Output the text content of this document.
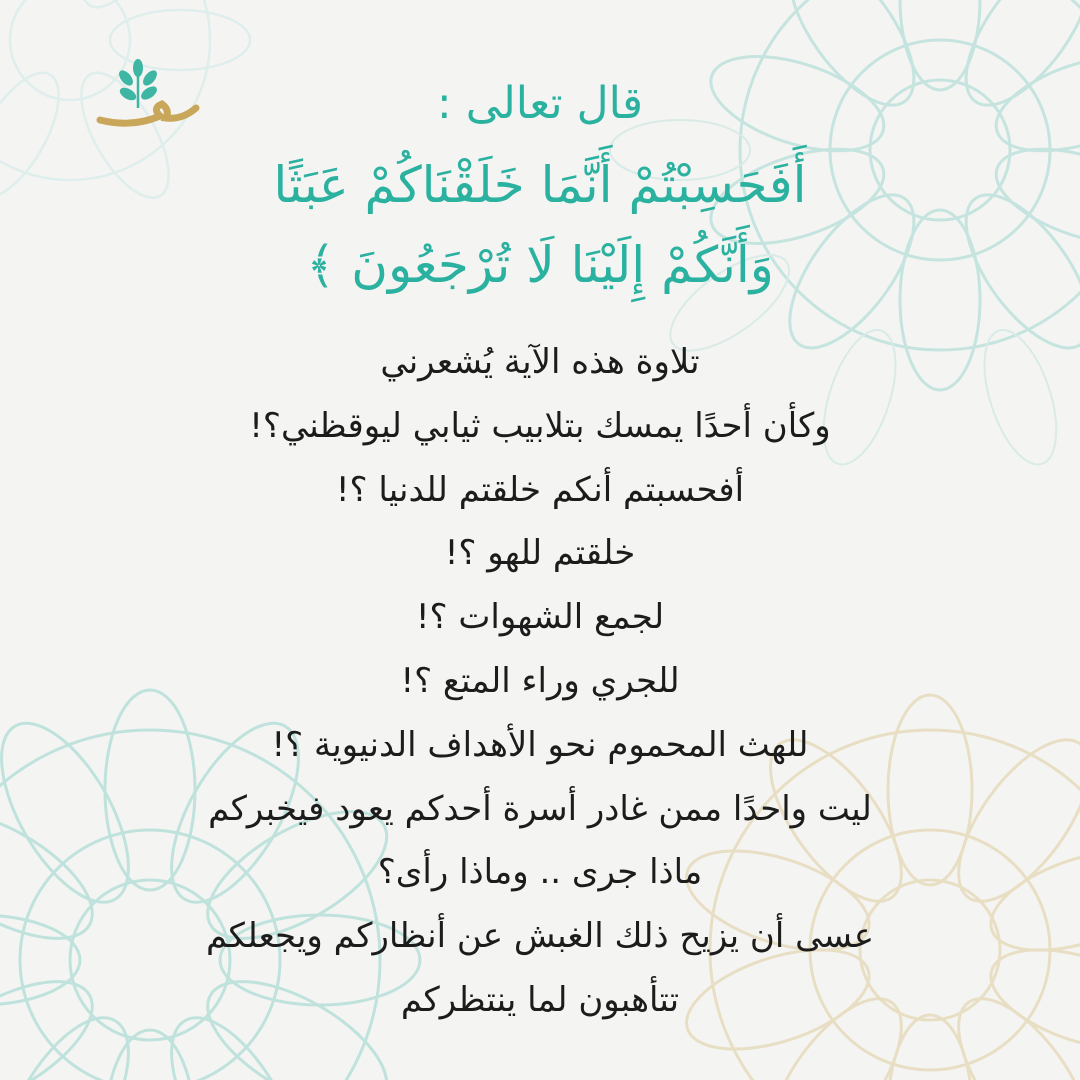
قال تعالى :
أَفَحَسِبْتُمْ أَنَّمَا خَلَقْنَاكُمْ عَبَثًا
وَأَنَّكُمْ إِلَيْنَا لَا تُرْجَعُونَ ﴾
تلاوة هذه الآية يُشعرني
وكأن أحدًا يمسك بتلابيب ثيابي ليوقظني؟!
أفحسبتم أنكم خلقتم للدنيا ؟!
خلقتم للهو ؟!
لجمع الشهوات ؟!
للجري وراء المتع ؟!
للهث المحموم نحو الأهداف الدنيوية ؟!
ليت واحدًا ممن غادر أسرة أحدكم يعود فيخبركم
ماذا جرى .. وماذا رأى؟
عسى أن يزيح ذلك الغبش عن أنظاركم ويجعلكم
تتأهبون لما ينتظركم
